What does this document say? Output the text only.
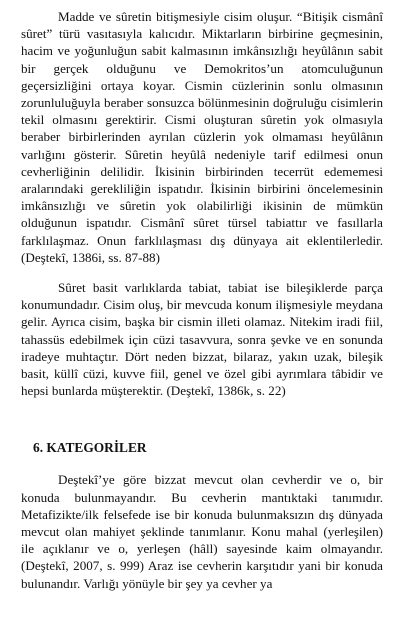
Madde ve sûretin bitişmesiyle cisim oluşur. “Bitişik cismânî sûret” türü vasıtasıyla kalıcıdır. Miktarların birbirine geçmesinin, hacim ve yoğunluğun sabit kalmasının imkânsızlığı heyûlânın sabit bir gerçek olduğunu ve Demokritos’un atomculuğunun geçersizliğini ortaya koyar. Cismin cüzlerinin sonlu olmasının zorunluluğuyla beraber sonsuzca bölünmesinin doğruluğu cisimlerin tekil olmasını gerektirir. Cismi oluşturan sûretin yok olmasıyla beraber birbirlerinden ayrılan cüzlerin yok olmaması heyûlânın varlığını gösterir. Sûretin heyûlâ nedeniyle tarif edilmesi onun cevherliğinin delilidir. İkisinin birbirinden tecerrüt edememesi aralarındaki gerekliliğin ispatıdır. İkisinin birbirini öncelemesinin imkânsızlığı ve sûretin yok olabilirliği ikisinin de mümkün olduğunun ispatıdır. Cismânî sûret türsel tabiattır ve fasıllarla farklılaşmaz. Onun farklılaşması dış dünyaya ait eklentilerledir. (Deştekî, 1386i, ss. 87-88)

Sûret basit varlıklarda tabiat, tabiat ise bileşiklerde parça konumundadır. Cisim oluş, bir mevcuda konum ilişmesiyle meydana gelir. Ayrıca cisim, başka bir cismin illeti olamaz. Nitekim iradi fiil, tahassüs edebilmek için cüzi tasavvura, sonra şevke ve en sonunda iradeye muhtaçtır. Dört neden bizzat, bilaraz, yakın uzak, bileşik basit, küllî cüzi, kuvve fiil, genel ve özel gibi ayrımlara tâbidir ve hepsi bunlarda müşterektir. (Deştekî, 1386k, s. 22)

6. KATEGORİLER

Deştekî’ye göre bizzat mevcut olan cevherdir ve o, bir konuda bulunmayandır. Bu cevherin mantıktaki tanımıdır. Metafizikte/ilk felsefede ise bir konuda bulunmaksızın dış dünyada mevcut olan mahiyet şeklinde tanımlanır. Konu mahal (yerleşilen) ile açıklanır ve o, yerleşen (hâll) sayesinde kaim olmayandır.(Deştekî, 2007, s. 999) Araz ise cevherin karşıtıdır yani bir konuda bulunandır. Varlığı yönüyle bir şey ya cevher ya
